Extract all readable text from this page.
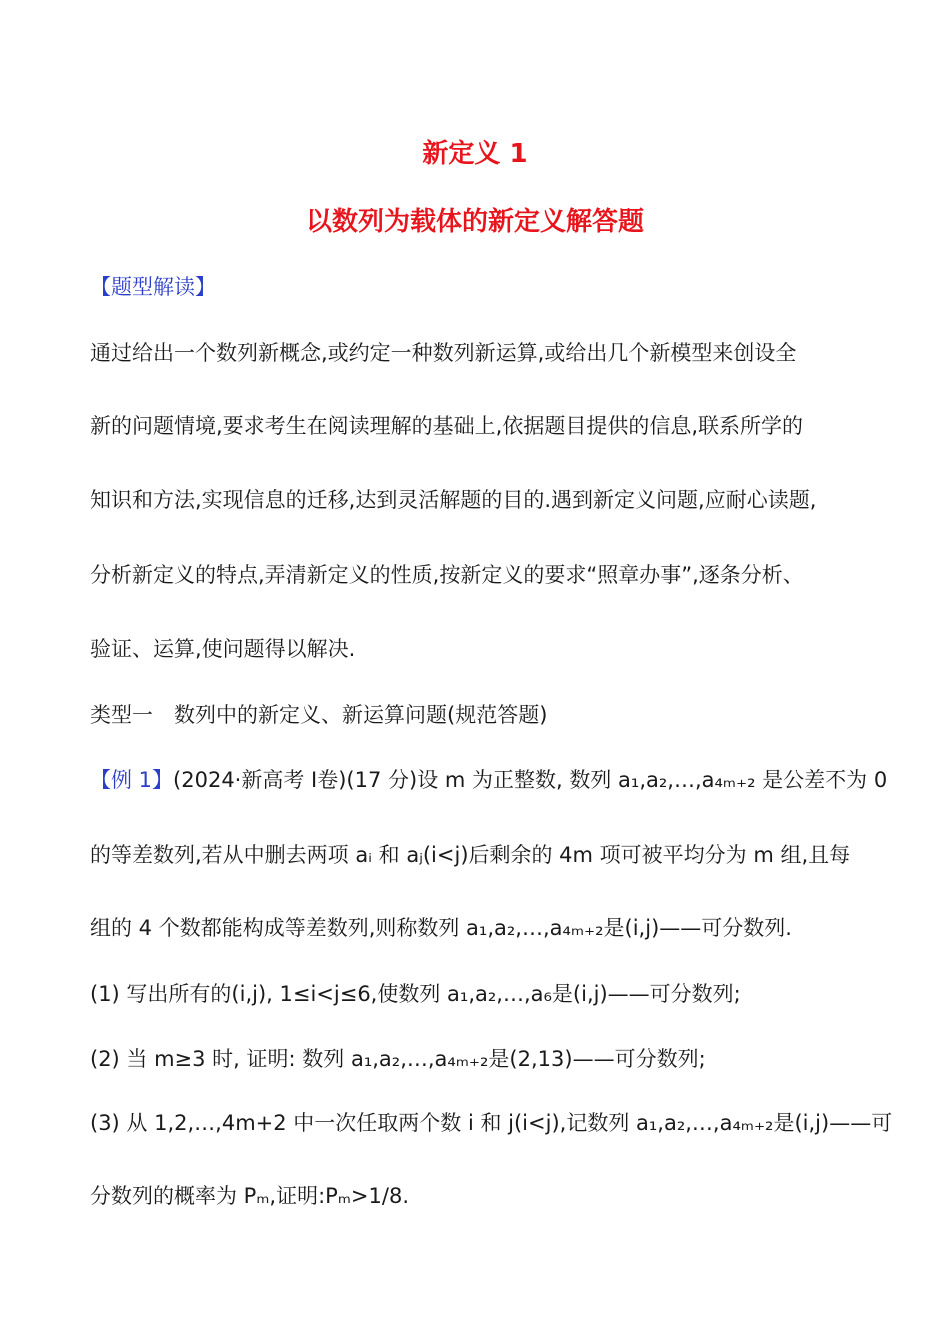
新定义 1
以数列为载体的新定义解答题
【题型解读】
通过给出一个数列新概念,或约定一种数列新运算,或给出几个新模型来创设全
新的问题情境,要求考生在阅读理解的基础上,依据题目提供的信息,联系所学的
知识和方法,实现信息的迁移,达到灵活解题的目的.遇到新定义问题,应耐心读题,
分析新定义的特点,弄清新定义的性质,按新定义的要求“照章办事”,逐条分析、
验证、运算,使问题得以解决.
类型一　数列中的新定义、新运算问题(规范答题)
【例 1】(2024·新高考 Ⅰ卷)(17 分)设 m 为正整数, 数列 a₁,a₂,…,a₄ₘ₊₂ 是公差不为 0
的等差数列,若从中删去两项 aᵢ 和 aⱼ(i<j)后剩余的 4m 项可被平均分为 m 组,且每
组的 4 个数都能构成等差数列,则称数列 a₁,a₂,…,a₄ₘ₊₂是(i,j)——可分数列.
(1) 写出所有的(i,j), 1≤i<j≤6,使数列 a₁,a₂,…,a₆是(i,j)——可分数列;
(2) 当 m≥3 时, 证明: 数列 a₁,a₂,…,a₄ₘ₊₂是(2,13)——可分数列;
(3) 从 1,2,…,4m+2 中一次任取两个数 i 和 j(i<j),记数列 a₁,a₂,…,a₄ₘ₊₂是(i,j)——可
分数列的概率为 Pₘ,证明:Pₘ>1/8.
